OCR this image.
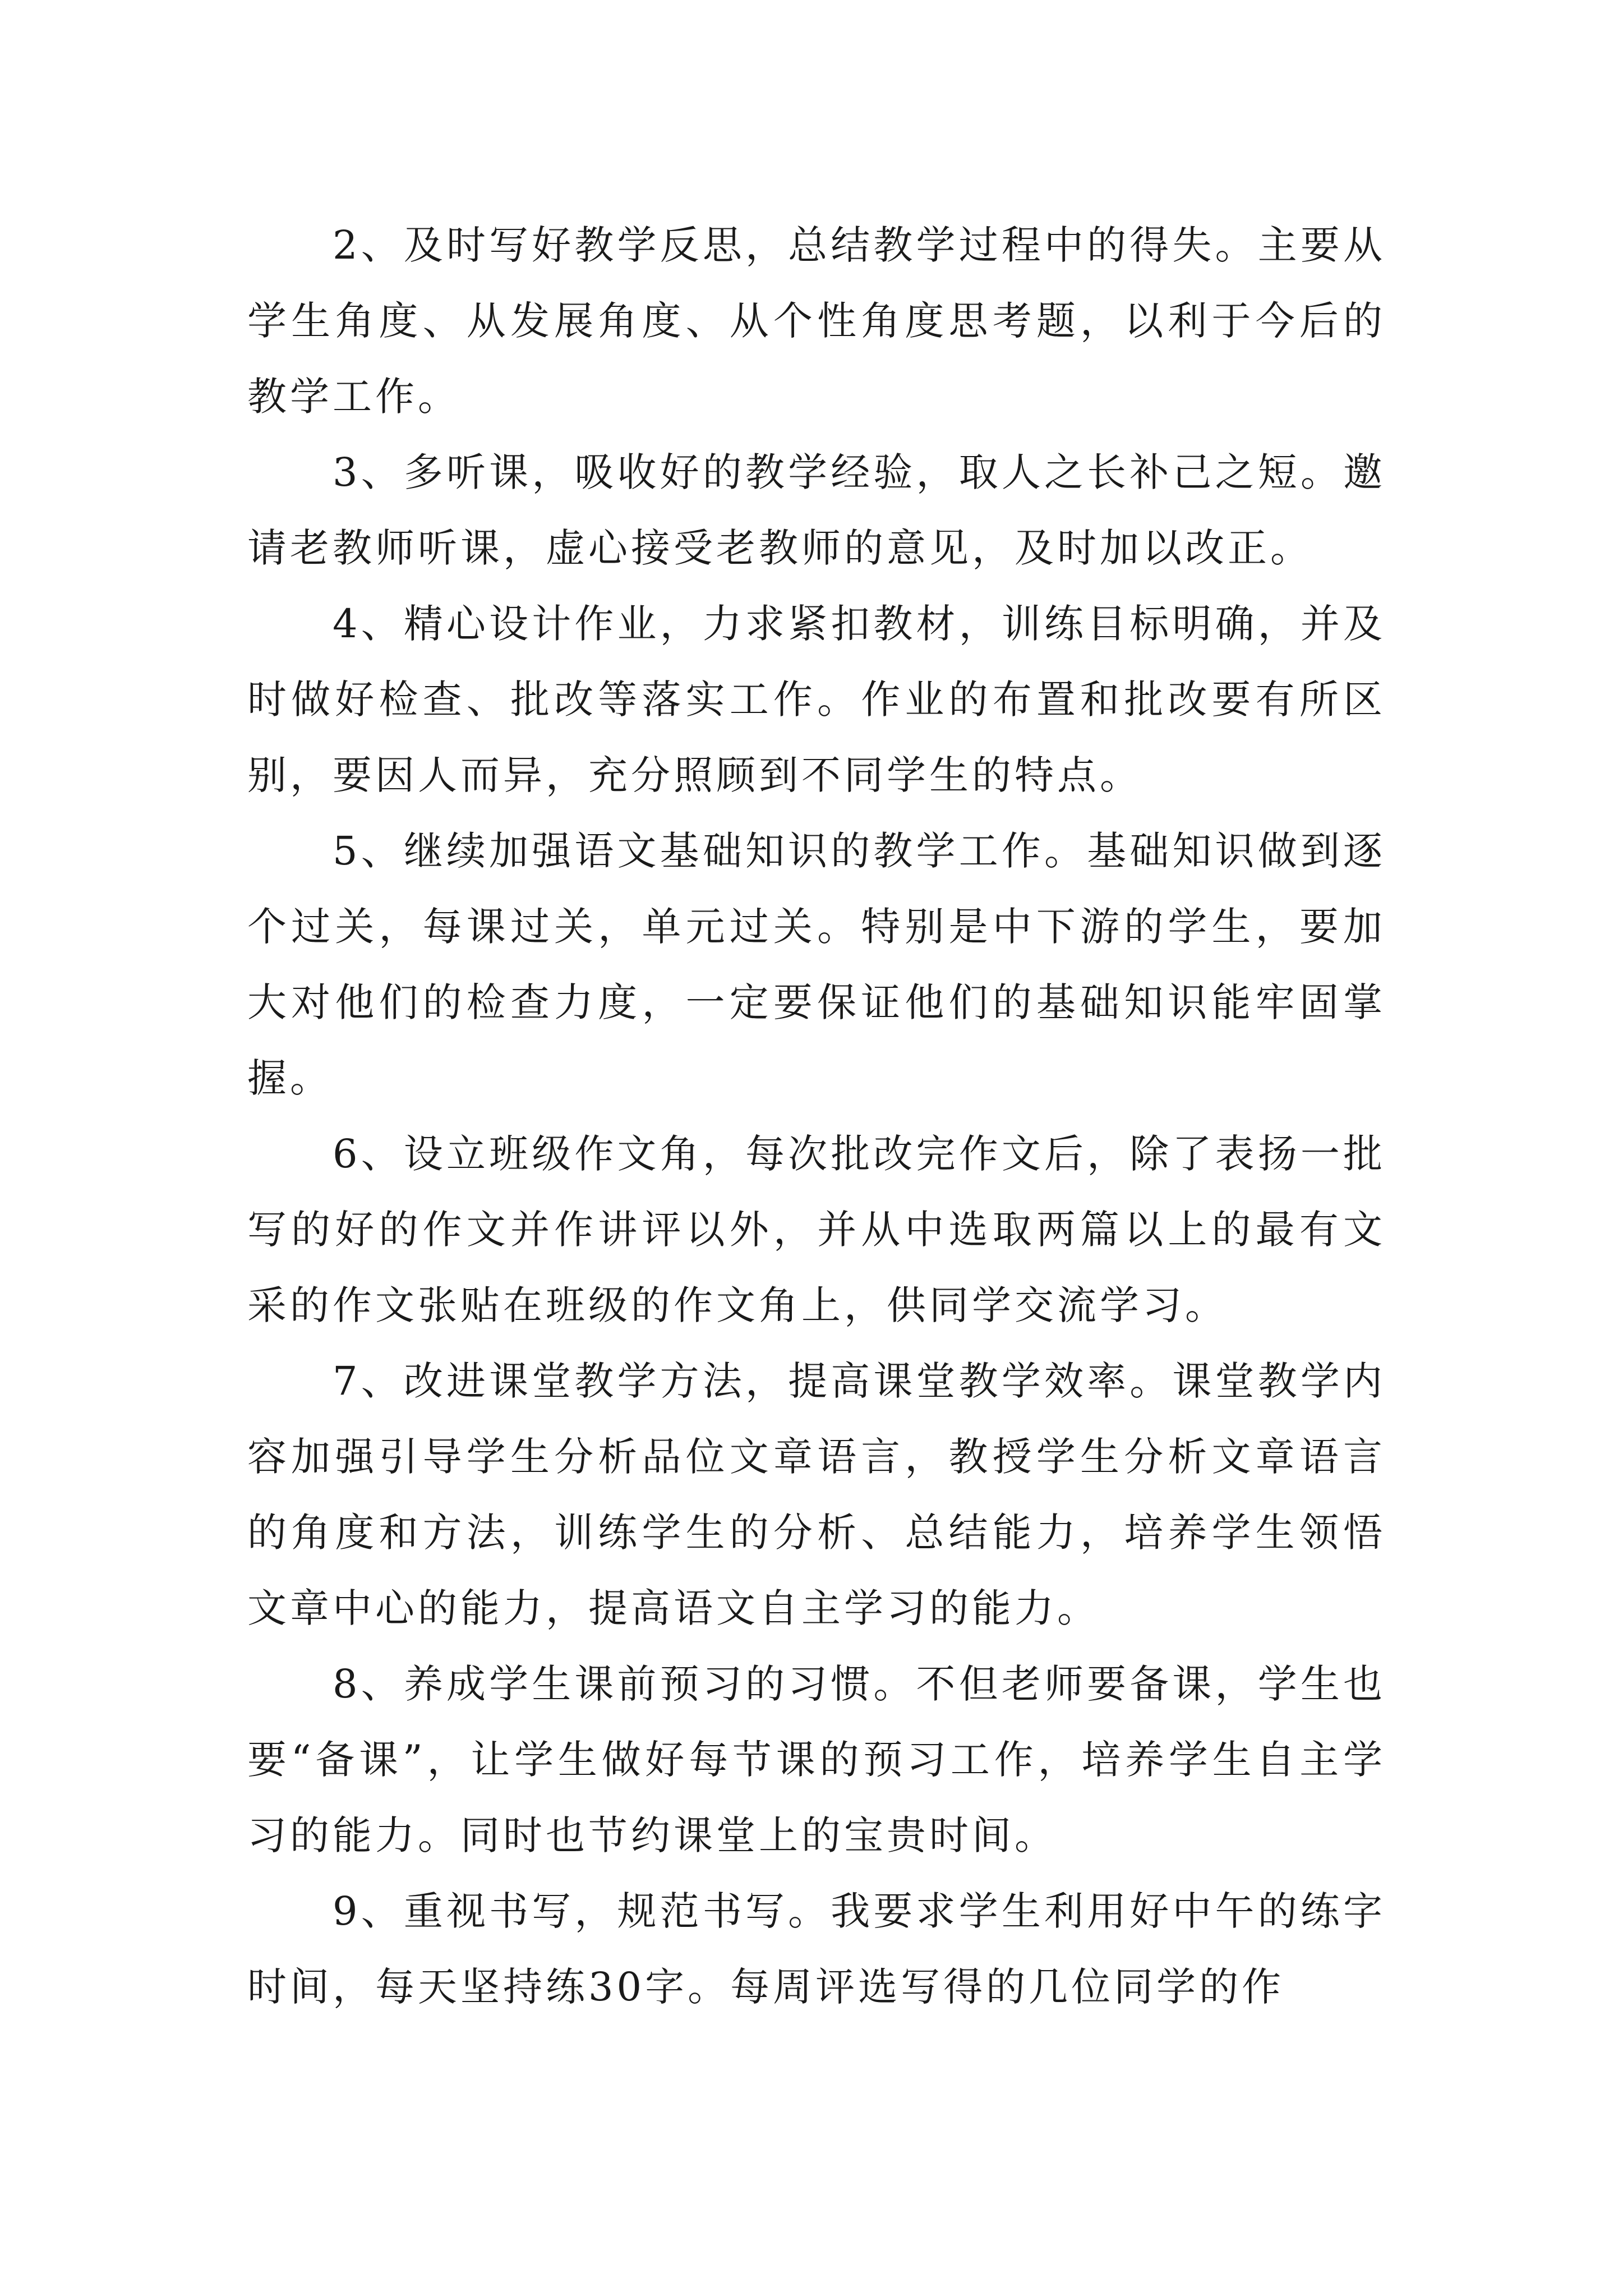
2、及时写好教学反思，总结教学过程中的得失。主要从学生角度、从发展角度、从个性角度思考题，以利于今后的教学工作。

3、多听课，吸收好的教学经验，取人之长补己之短。邀请老教师听课，虚心接受老教师的意见，及时加以改正。

4、精心设计作业，力求紧扣教材，训练目标明确，并及时做好检查、批改等落实工作。作业的布置和批改要有所区别，要因人而异，充分照顾到不同学生的特点。

5、继续加强语文基础知识的教学工作。基础知识做到逐个过关，每课过关，单元过关。特别是中下游的学生，要加大对他们的检查力度，一定要保证他们的基础知识能牢固掌握。

6、设立班级作文角，每次批改完作文后，除了表扬一批写的好的作文并作讲评以外，并从中选取两篇以上的最有文采的作文张贴在班级的作文角上，供同学交流学习。

7、改进课堂教学方法，提高课堂教学效率。课堂教学内容加强引导学生分析品位文章语言，教授学生分析文章语言的角度和方法，训练学生的分析、总结能力，培养学生领悟文章中心的能力，提高语文自主学习的能力。

8、养成学生课前预习的习惯。不但老师要备课，学生也要“备课”，让学生做好每节课的预习工作，培养学生自主学习的能力。同时也节约课堂上的宝贵时间。

9、重视书写，规范书写。我要求学生利用好中午的练字时间，每天坚持练30字。每周评选写得的几位同学的作
